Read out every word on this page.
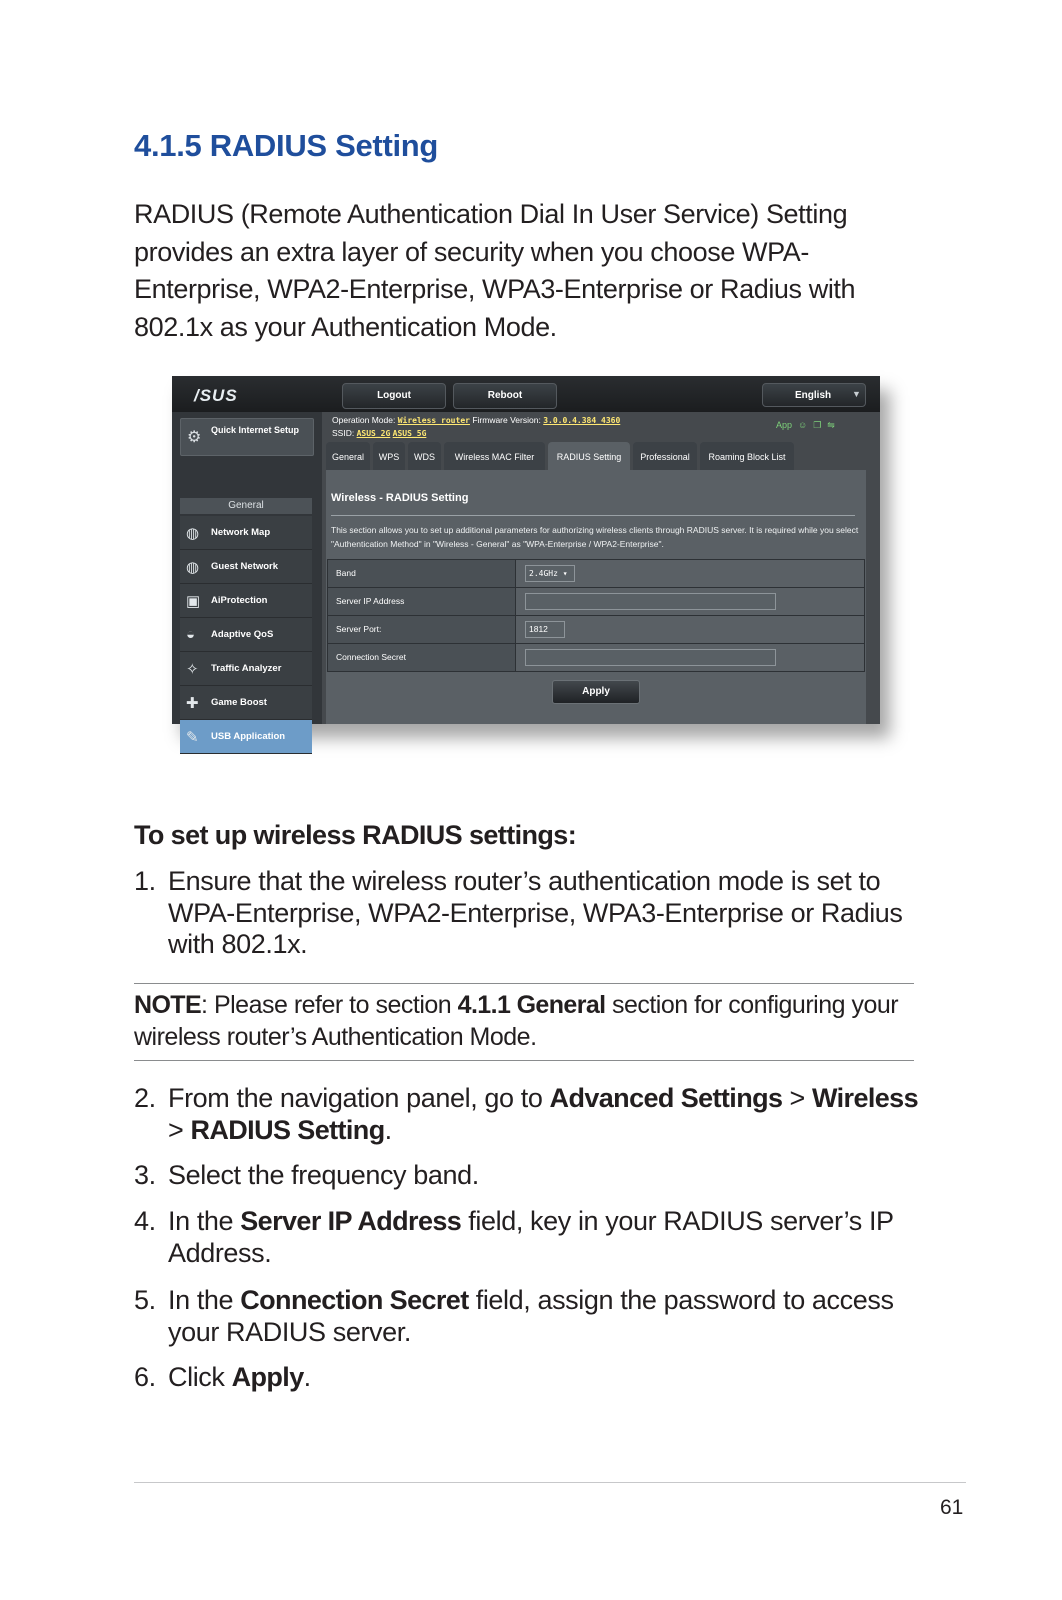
4.1.5 RADIUS Setting

RADIUS (Remote Authentication Dial In User Service) Setting provides an extra layer of security when you choose WPA-Enterprise, WPA2-Enterprise, WPA3-Enterprise or Radius with 802.1x as your Authentication Mode.

/SUS	Logout	Reboot	English	▼
⚙ Quick Internet Setup
General
◍ Network Map
◍ Guest Network
▣ AiProtection
◒ Adaptive QoS
✧ Traffic Analyzer
✚ Game Boost
✎ USB Application
Operation Mode: Wireless router Firmware Version: 3.0.0.4.384_4360
SSID: ASUS_2G ASUS_5G
App ☺ ❐ ⇋
General	WPS	WDS	Wireless MAC Filter	RADIUS Setting	Professional	Roaming Block List
Wireless - RADIUS Setting
This section allows you to set up additional parameters for authorizing wireless clients through RADIUS server. It is required while you select "Authentication Method" in "Wireless - General" as "WPA-Enterprise / WPA2-Enterprise".
Band	2.4GHz ▾
Server IP Address
Server Port:	1812
Connection Secret
Apply
To set up wireless RADIUS settings:
1. Ensure that the wireless router’s authentication mode is set to WPA-Enterprise, WPA2-Enterprise, WPA3-Enterprise or Radius with 802.1x.
NOTE: Please refer to section 4.1.1 General section for configuring your wireless router’s Authentication Mode.
2. From the navigation panel, go to Advanced Settings > Wireless > RADIUS Setting.
3. Select the frequency band.
4. In the Server IP Address field, key in your RADIUS server’s IP Address.
5. In the Connection Secret field, assign the password to access your RADIUS server.
6. Click Apply.
61
